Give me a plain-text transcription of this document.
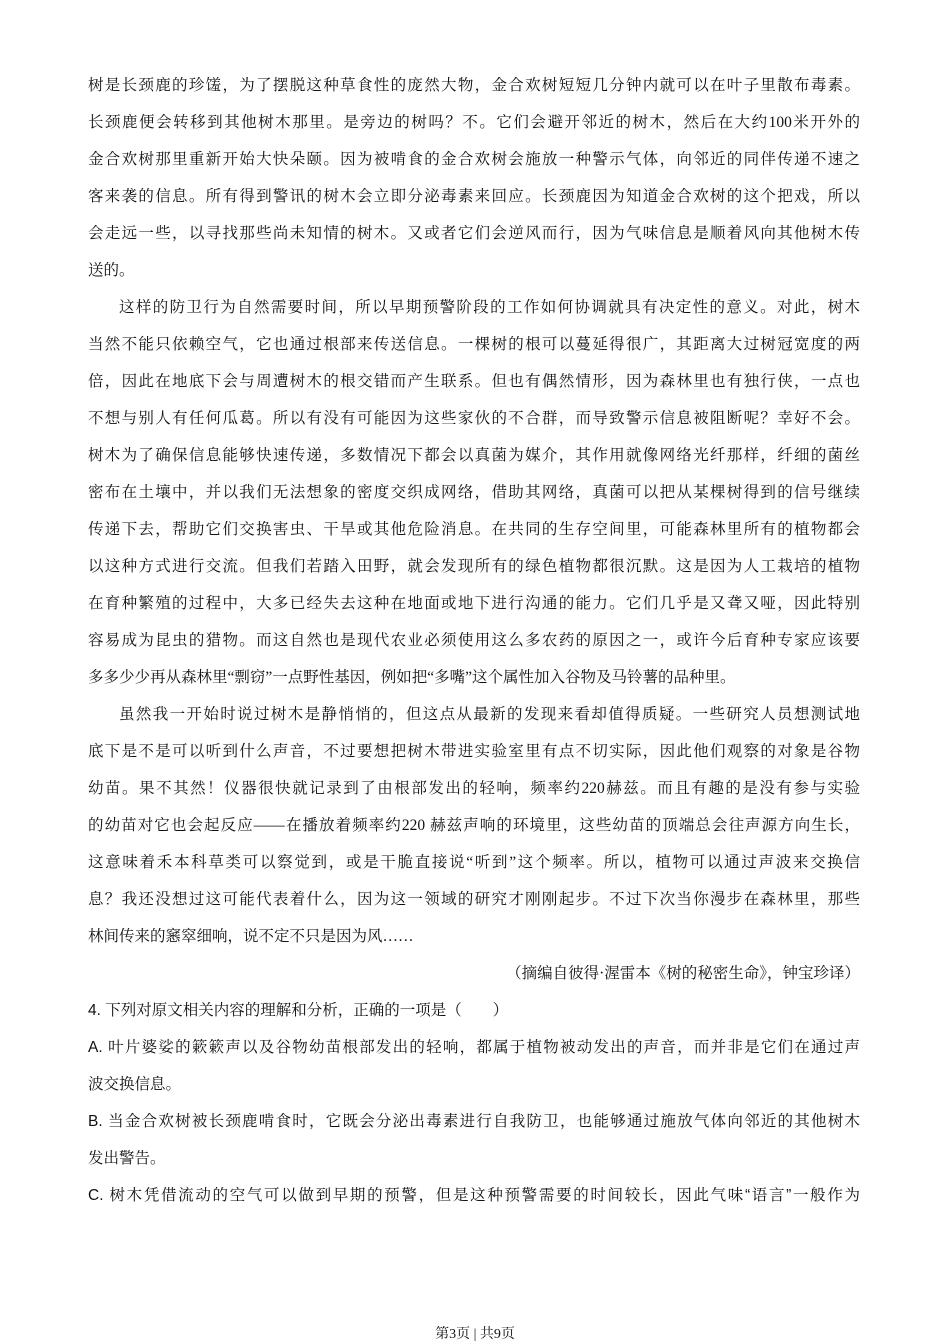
树是长颈鹿的珍馐，为了摆脱这种草食性的庞然大物，金合欢树短短几分钟内就可以在叶子里散布毒素。
长颈鹿便会转移到其他树木那里。是旁边的树吗？不。它们会避开邻近的树木，然后在大约100米开外的
金合欢树那里重新开始大快朵颐。因为被啃食的金合欢树会施放一种警示气体，向邻近的同伴传递不速之
客来袭的信息。所有得到警讯的树木会立即分泌毒素来回应。长颈鹿因为知道金合欢树的这个把戏，所以
会走远一些，以寻找那些尚未知情的树木。又或者它们会逆风而行，因为气味信息是顺着风向其他树木传
送的。
这样的防卫行为自然需要时间，所以早期预警阶段的工作如何协调就具有决定性的意义。对此，树木
当然不能只依赖空气，它也通过根部来传送信息。一棵树的根可以蔓延得很广，其距离大过树冠宽度的两
倍，因此在地底下会与周遭树木的根交错而产生联系。但也有偶然情形，因为森林里也有独行侠，一点也
不想与别人有任何瓜葛。所以有没有可能因为这些家伙的不合群，而导致警示信息被阻断呢？幸好不会。
树木为了确保信息能够快速传递，多数情况下都会以真菌为媒介，其作用就像网络光纤那样，纤细的菌丝
密布在土壤中，并以我们无法想象的密度交织成网络，借助其网络，真菌可以把从某棵树得到的信号继续
传递下去，帮助它们交换害虫、干旱或其他危险消息。在共同的生存空间里，可能森林里所有的植物都会
以这种方式进行交流。但我们若踏入田野，就会发现所有的绿色植物都很沉默。这是因为人工栽培的植物
在育种繁殖的过程中，大多已经失去这种在地面或地下进行沟通的能力。它们几乎是又聋又哑，因此特别
容易成为昆虫的猎物。而这自然也是现代农业必须使用这么多农药的原因之一，或许今后育种专家应该要
多多少少再从森林里“剽窃”一点野性基因，例如把“多嘴”这个属性加入谷物及马铃薯的品种里。
虽然我一开始时说过树木是静悄悄的，但这点从最新的发现来看却值得质疑。一些研究人员想测试地
底下是不是可以听到什么声音，不过要想把树木带进实验室里有点不切实际，因此他们观察的对象是谷物
幼苗。果不其然！仪器很快就记录到了由根部发出的轻响，频率约220赫兹。而且有趣的是没有参与实验
的幼苗对它也会起反应——在播放着频率约220 赫兹声响的环境里，这些幼苗的顶端总会往声源方向生长，
这意味着禾本科草类可以察觉到，或是干脆直接说“听到”这个频率。所以，植物可以通过声波来交换信
息？我还没想过这可能代表着什么，因为这一领域的研究才刚刚起步。不过下次当你漫步在森林里，那些
林间传来的窸窣细响，说不定不只是因为风……
（摘编自彼得·渥雷本《树的秘密生命》，钟宝珍译）
4. 下列对原文相关内容的理解和分析，正确的一项是（　　）
A. 叶片婆娑的簌簌声以及谷物幼苗根部发出的轻响，都属于植物被动发出的声音，而并非是它们在通过声
波交换信息。
B. 当金合欢树被长颈鹿啃食时，它既会分泌出毒素进行自我防卫，也能够通过施放气体向邻近的其他树木
发出警告。
C. 树木凭借流动的空气可以做到早期的预警，但是这种预警需要的时间较长，因此气味“语言”一般作为
第3页 | 共9页
